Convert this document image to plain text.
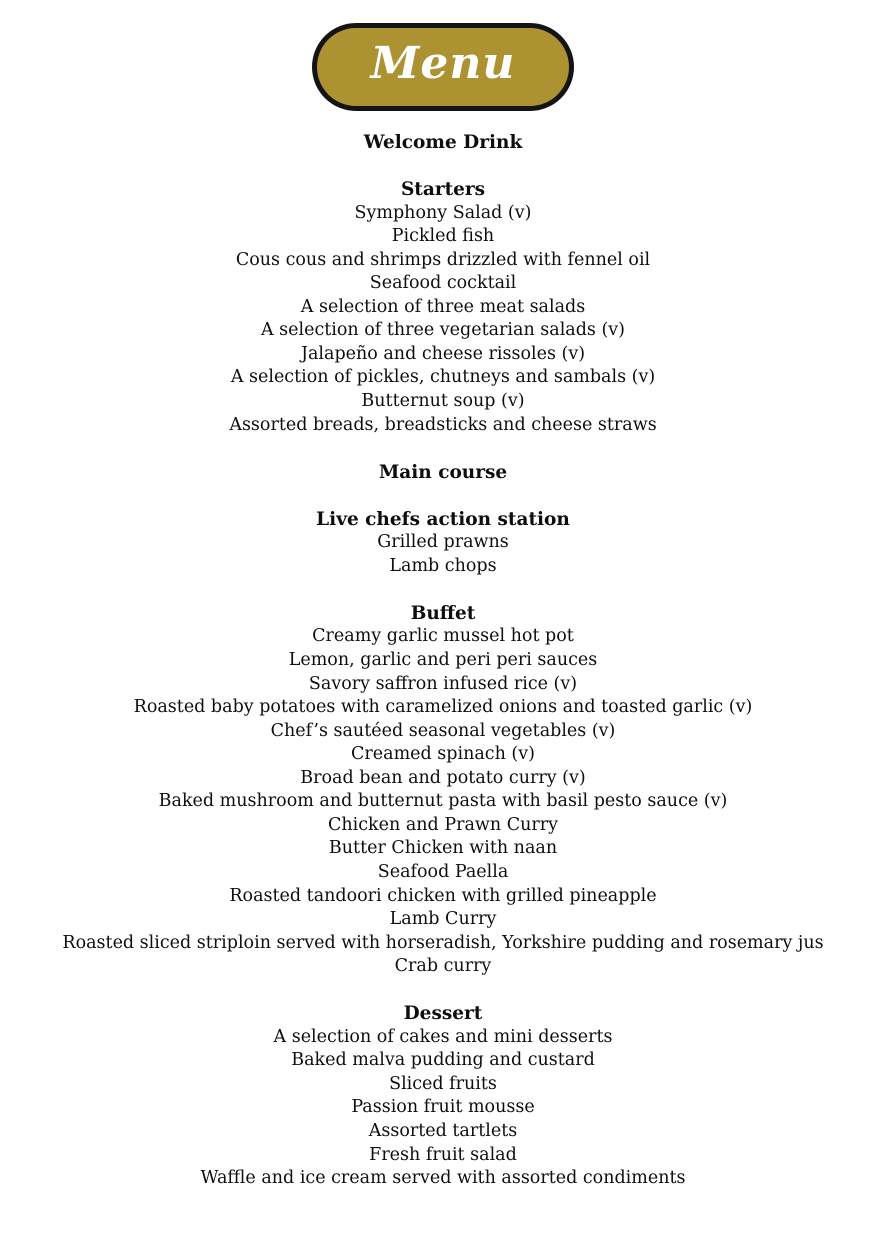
Menu
Welcome Drink
Starters

Symphony Salad (v)

Pickled fish

Cous cous and shrimps drizzled with fennel oil

Seafood cocktail

A selection of three meat salads

A selection of three vegetarian salads (v)

Jalapeño and cheese rissoles (v)

A selection of pickles, chutneys and sambals (v)

Butternut soup (v)

Assorted breads, breadsticks and cheese straws

Main course
Live chefs action station

Grilled prawns

Lamb chops

Buffet

Creamy garlic mussel hot pot

Lemon, garlic and peri peri sauces

Savory saffron infused rice (v)

Roasted baby potatoes with caramelized onions and toasted garlic (v)

Chef’s sautéed seasonal vegetables (v)

Creamed spinach (v)

Broad bean and potato curry (v)

Baked mushroom and butternut pasta with basil pesto sauce (v)

Chicken and Prawn Curry

Butter Chicken with naan

Seafood Paella

Roasted tandoori chicken with grilled pineapple

Lamb Curry

Roasted sliced striploin served with horseradish, Yorkshire pudding and rosemary jus

Crab curry

Dessert

A selection of cakes and mini desserts

Baked malva pudding and custard

Sliced fruits

Passion fruit mousse

Assorted tartlets

Fresh fruit salad

Waffle and ice cream served with assorted condiments
